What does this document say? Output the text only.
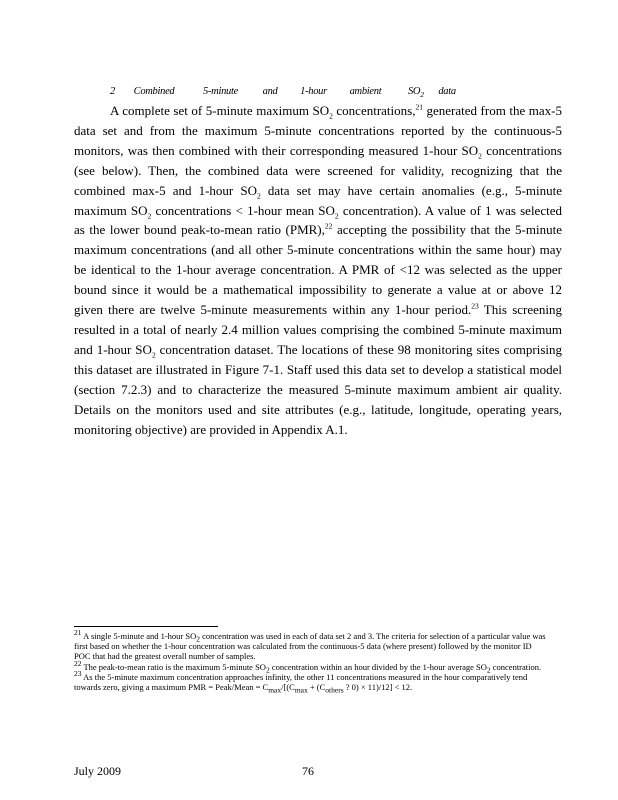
2 Combined	5-minute and 1-hour ambient	$SO_2$ data

A complete set of 5-minute maximum $SO_2$ concentrations,$^{21}$ generated from the max-5 data set and from the maximum 5-minute concentrations reported by the continuous-5 monitors, was then combined with their corresponding measured 1-hour $SO_2$ concentrations (see below). Then, the combined data were screened for validity, recognizing that the combined max-5 and 1-hour $SO_2$ data set may have certain anomalies (e.g., 5-minute maximum $SO_2$ concentrations < 1-hour mean $SO_2$ concentration). A value of 1 was selected as the lower bound peak-to-mean ratio (PMR),$^{22}$ accepting the possibility that the 5-minute maximum concentrations (and all other 5-minute concentrations within the same hour) may be identical to the 1-hour average concentration. A PMR of <12 was selected as the upper bound since it would be a mathematical impossibility to generate a value at or above 12 given there are twelve 5-minute measurements within any 1-hour period.$^{23}$ This screening resulted in a total of nearly 2.4 million values comprising the combined 5-minute maximum and 1-hour $SO_2$ concentration dataset. The locations of these 98 monitoring sites comprising this dataset are illustrated in Figure 7-1. Staff used this data set to develop a statistical model (section 7.2.3) and to characterize the measured 5-minute maximum ambient air quality. Details on the monitors used and site attributes (e.g., latitude, longitude, operating years, monitoring objective) are provided in Appendix A.1.

$^{21}$ A single 5-minute and 1-hour $SO_2$ concentration was used in each of data set 2 and 3. The criteria for selection of a particular value was first based on whether the 1-hour concentration was calculated from the continuous-5 data (where present) followed by the monitor ID POC that had the greatest overall number of samples.

$^{22}$ The peak-to-mean ratio is the maximum 5-minute $SO_2$ concentration within an hour divided by the 1-hour average $SO_2$ concentration.

$^{23}$ As the 5-minute maximum concentration approaches infinity, the other 11 concentrations measured in the hour comparatively tend towards zero, giving a maximum PMR = Peak/Mean = $C_{max}/[(C_{max} + (C_{others}$ ? 0) × 11)/12] < 12.

July 2009	76
